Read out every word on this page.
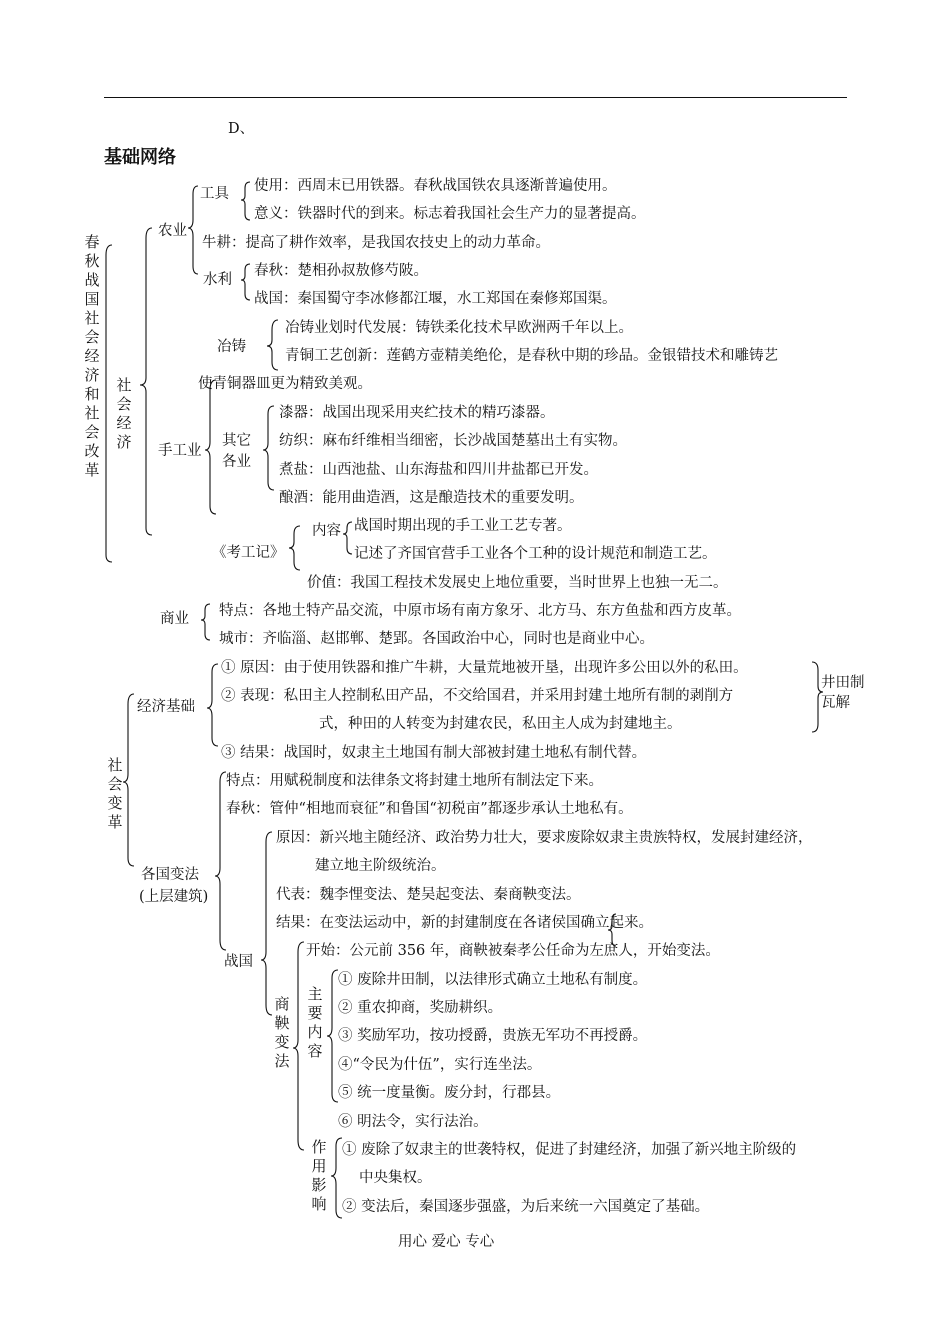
D、
基础网络
春秋战国社会经济和社会改革
社会经济
社会变革
商鞅变法
主要内容
作用影响
其它各业
井田制瓦解
农业
工具
水利
手工业
冶铸
《考工记》
内容
商业
经济基础
各国变法
(上层建筑)
战国
使用：西周末已用铁器。春秋战国铁农具逐渐普遍使用。
意义：铁器时代的到来。标志着我国社会生产力的显著提高。
牛耕：提高了耕作效率，是我国农技史上的动力革命。
春秋：楚相孙叔敖修芍陂。
战国：秦国蜀守李冰修都江堰，水工郑国在秦修郑国渠。
冶铸业划时代发展：铸铁柔化技术早欧洲两千年以上。
青铜工艺创新：莲鹤方壶精美绝伦，是春秋中期的珍品。金银错技术和雕铸艺
使青铜器皿更为精致美观。
漆器：战国出现采用夹纻技术的精巧漆器。
纺织：麻布纤维相当细密，长沙战国楚墓出土有实物。
煮盐：山西池盐、山东海盐和四川井盐都已开发。
酿酒：能用曲造酒，这是酿造技术的重要发明。
战国时期出现的手工业工艺专著。
记述了齐国官营手工业各个工种的设计规范和制造工艺。
价值：我国工程技术发展史上地位重要，当时世界上也独一无二。
特点：各地土特产品交流，中原市场有南方象牙、北方马、东方鱼盐和西方皮革。
城市：齐临淄、赵邯郸、楚郢。各国政治中心，同时也是商业中心。
① 原因：由于使用铁器和推广牛耕，大量荒地被开垦，出现许多公田以外的私田。
② 表现：私田主人控制私田产品，不交给国君，并采用封建土地所有制的剥削方
式，种田的人转变为封建农民，私田主人成为封建地主。
③ 结果：战国时，奴隶主土地国有制大部被封建土地私有制代替。
特点：用赋税制度和法律条文将封建土地所有制法定下来。
春秋：管仲“相地而衰征”和鲁国“初税亩”都逐步承认土地私有。
原因：新兴地主随经济、政治势力壮大，要求废除奴隶主贵族特权，发展封建经济，
建立地主阶级统治。
代表：魏李悝变法、楚吴起变法、秦商鞅变法。
结果：在变法运动中，新的封建制度在各诸侯国确立起来。
开始：公元前 356 年，商鞅被秦孝公任命为左庶人，开始变法。
① 废除井田制，以法律形式确立土地私有制度。
② 重农抑商，奖励耕织。
③ 奖励军功，按功授爵，贵族无军功不再授爵。
④“令民为什伍”，实行连坐法。
⑤ 统一度量衡。废分封，行郡县。
⑥ 明法令，实行法治。
① 废除了奴隶主的世袭特权，促进了封建经济，加强了新兴地主阶级的
中央集权。
② 变法后，秦国逐步强盛，为后来统一六国奠定了基础。
用心 爱心 专心
